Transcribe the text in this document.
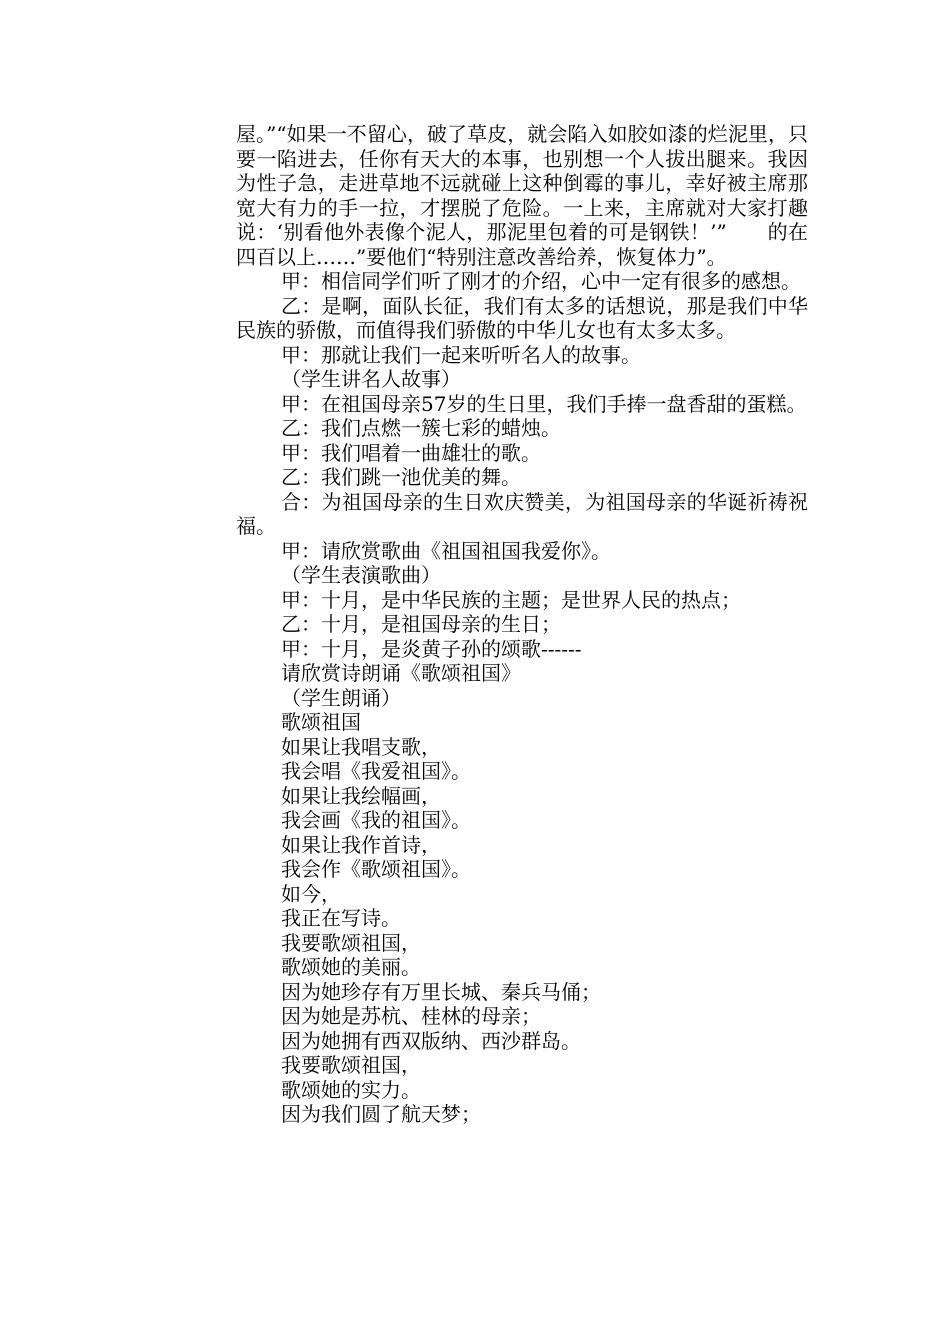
屋。”“如果一不留心，破了草皮，就会陷入如胶如漆的烂泥里，只要一陷进去，任你有天大的本事，也别想一个人拔出腿来。我因为性子急，走进草地不远就碰上这种倒霉的事儿，幸好被主席那宽大有力的手一拉，才摆脱了危险。一上来，主席就对大家打趣说：‘别看他外表像个泥人，那泥里包着的可是钢铁！’”　　的在四百以上……”要他们“特别注意改善给养，恢复体力”。

甲：相信同学们听了刚才的介绍，心中一定有很多的感想。

乙：是啊，面队长征，我们有太多的话想说，那是我们中华民族的骄傲，而值得我们骄傲的中华儿女也有太多太多。

甲：那就让我们一起来听听名人的故事。

（学生讲名人故事）

甲：在祖国母亲57岁的生日里，我们手捧一盘香甜的蛋糕。

乙：我们点燃一簇七彩的蜡烛。

甲：我们唱着一曲雄壮的歌。

乙：我们跳一池优美的舞。

合：为祖国母亲的生日欢庆赞美，为祖国母亲的华诞祈祷祝福。

甲：请欣赏歌曲《祖国祖国我爱你》。

（学生表演歌曲）

甲：十月，是中华民族的主题；是世界人民的热点；

乙：十月，是祖国母亲的生日；

甲：十月，是炎黄子孙的颂歌------

请欣赏诗朗诵《歌颂祖国》

（学生朗诵）

歌颂祖国

如果让我唱支歌，

我会唱《我爱祖国》。

如果让我绘幅画，

我会画《我的祖国》。

如果让我作首诗，

我会作《歌颂祖国》。

如今，

我正在写诗。

我要歌颂祖国，

歌颂她的美丽。

因为她珍存有万里长城、秦兵马俑；

因为她是苏杭、桂林的母亲；

因为她拥有西双版纳、西沙群岛。

我要歌颂祖国，

歌颂她的实力。

因为我们圆了航天梦；
